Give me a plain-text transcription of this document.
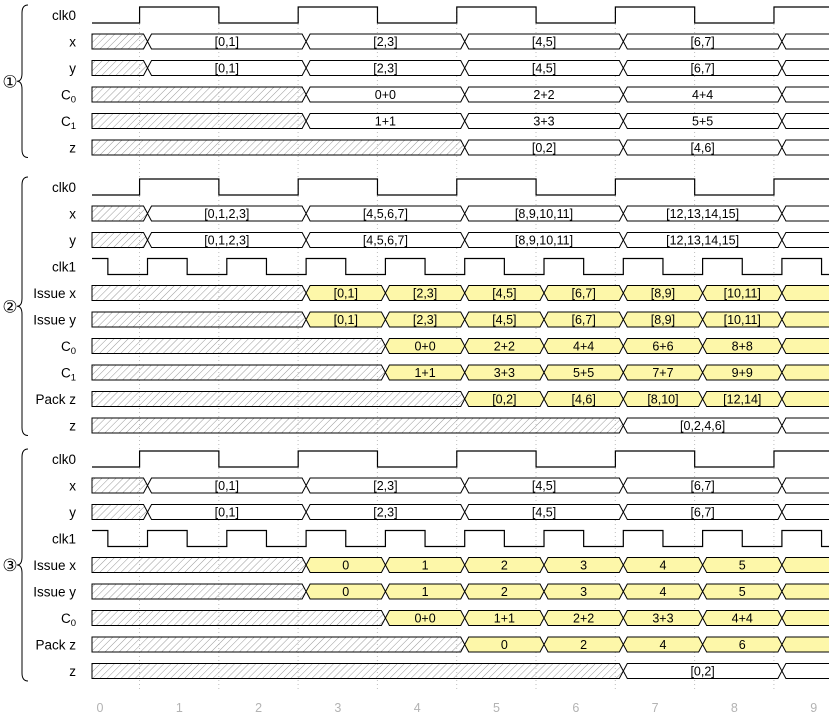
①
clk0
x	[0,1]	[2,3]	[4,5]	[6,7]
y	[0,1]	[2,3]	[4,5]	[6,7]
$C_0$	0+0	2+2	4+4
$C_1$	1+1	3+3	5+5
z	[0,2]	[4,6]
②
clk0
x	[0,1,2,3]	[4,5,6,7]	[8,9,10,11]	[12,13,14,15]
y	[0,1,2,3]	[4,5,6,7]	[8,9,10,11]	[12,13,14,15]
clk1
Issue x	[0,1]	[2,3]	[4,5]	[6,7]	[8,9]	[10,11]
Issue y	[0,1]	[2,3]	[4,5]	[6,7]	[8,9]	[10,11]
$C_0$	0+0	2+2	4+4	6+6	8+8
$C_1$	1+1	3+3	5+5	7+7	9+9
Pack z	[0,2]	[4,6]	[8,10]	[12,14]
z	[0,2,4,6]
③
clk0
x	[0,1]	[2,3]	[4,5]	[6,7]
y	[0,1]	[2,3]	[4,5]	[6,7]
clk1
Issue x	0	1	2	3	4	5
Issue y	0	1	2	3	4	5
$C_0$	0+0	1+1	2+2	3+3	4+4
Pack z	0	2	4	6
z	[0,2]
0	1	2	3	4	5	6	7	8	9
